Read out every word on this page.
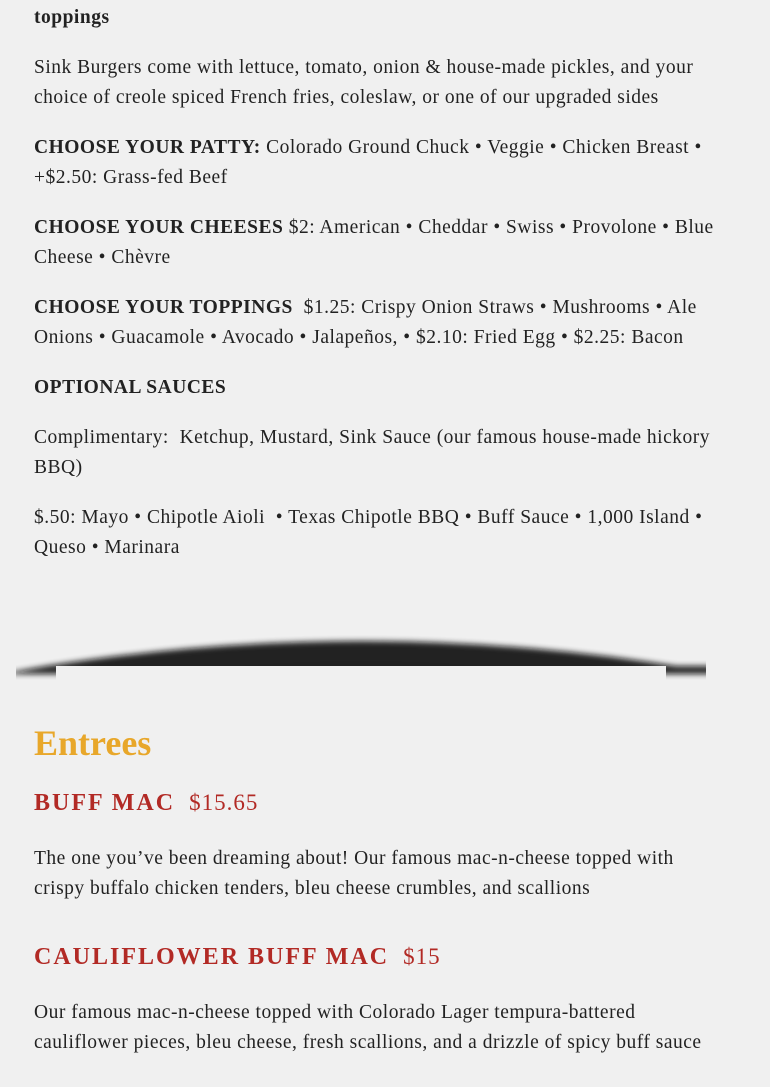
toppings
Sink Burgers come with lettuce, tomato, onion & house-made pickles, and your choice of creole spiced French fries, coleslaw, or one of our upgraded sides
CHOOSE YOUR PATTY: Colorado Ground Chuck • Veggie • Chicken Breast •
+$2.50: Grass-fed Beef
CHOOSE YOUR CHEESES $2: American • Cheddar • Swiss • Provolone • Blue
Cheese • Chèvre
CHOOSE YOUR TOPPINGS  $1.25: Crispy Onion Straws • Mushrooms • Ale
Onions • Guacamole • Avocado • Jalapeños, • $2.10: Fried Egg • $2.25: Bacon
OPTIONAL SAUCES
Complimentary:  Ketchup, Mustard, Sink Sauce (our famous house-made hickory
BBQ)
$.50: Mayo • Chipotle Aioli  • Texas Chipotle BBQ • Buff Sauce • 1,000 Island •
Queso • Marinara
Entrees
BUFF MAC $15.65
The one you’ve been dreaming about! Our famous mac-n-cheese topped with
crispy buffalo chicken tenders, bleu cheese crumbles, and scallions
CAULIFLOWER BUFF MAC $15
Our famous mac-n-cheese topped with Colorado Lager tempura-battered
cauliflower pieces, bleu cheese, fresh scallions, and a drizzle of spicy buff sauce
